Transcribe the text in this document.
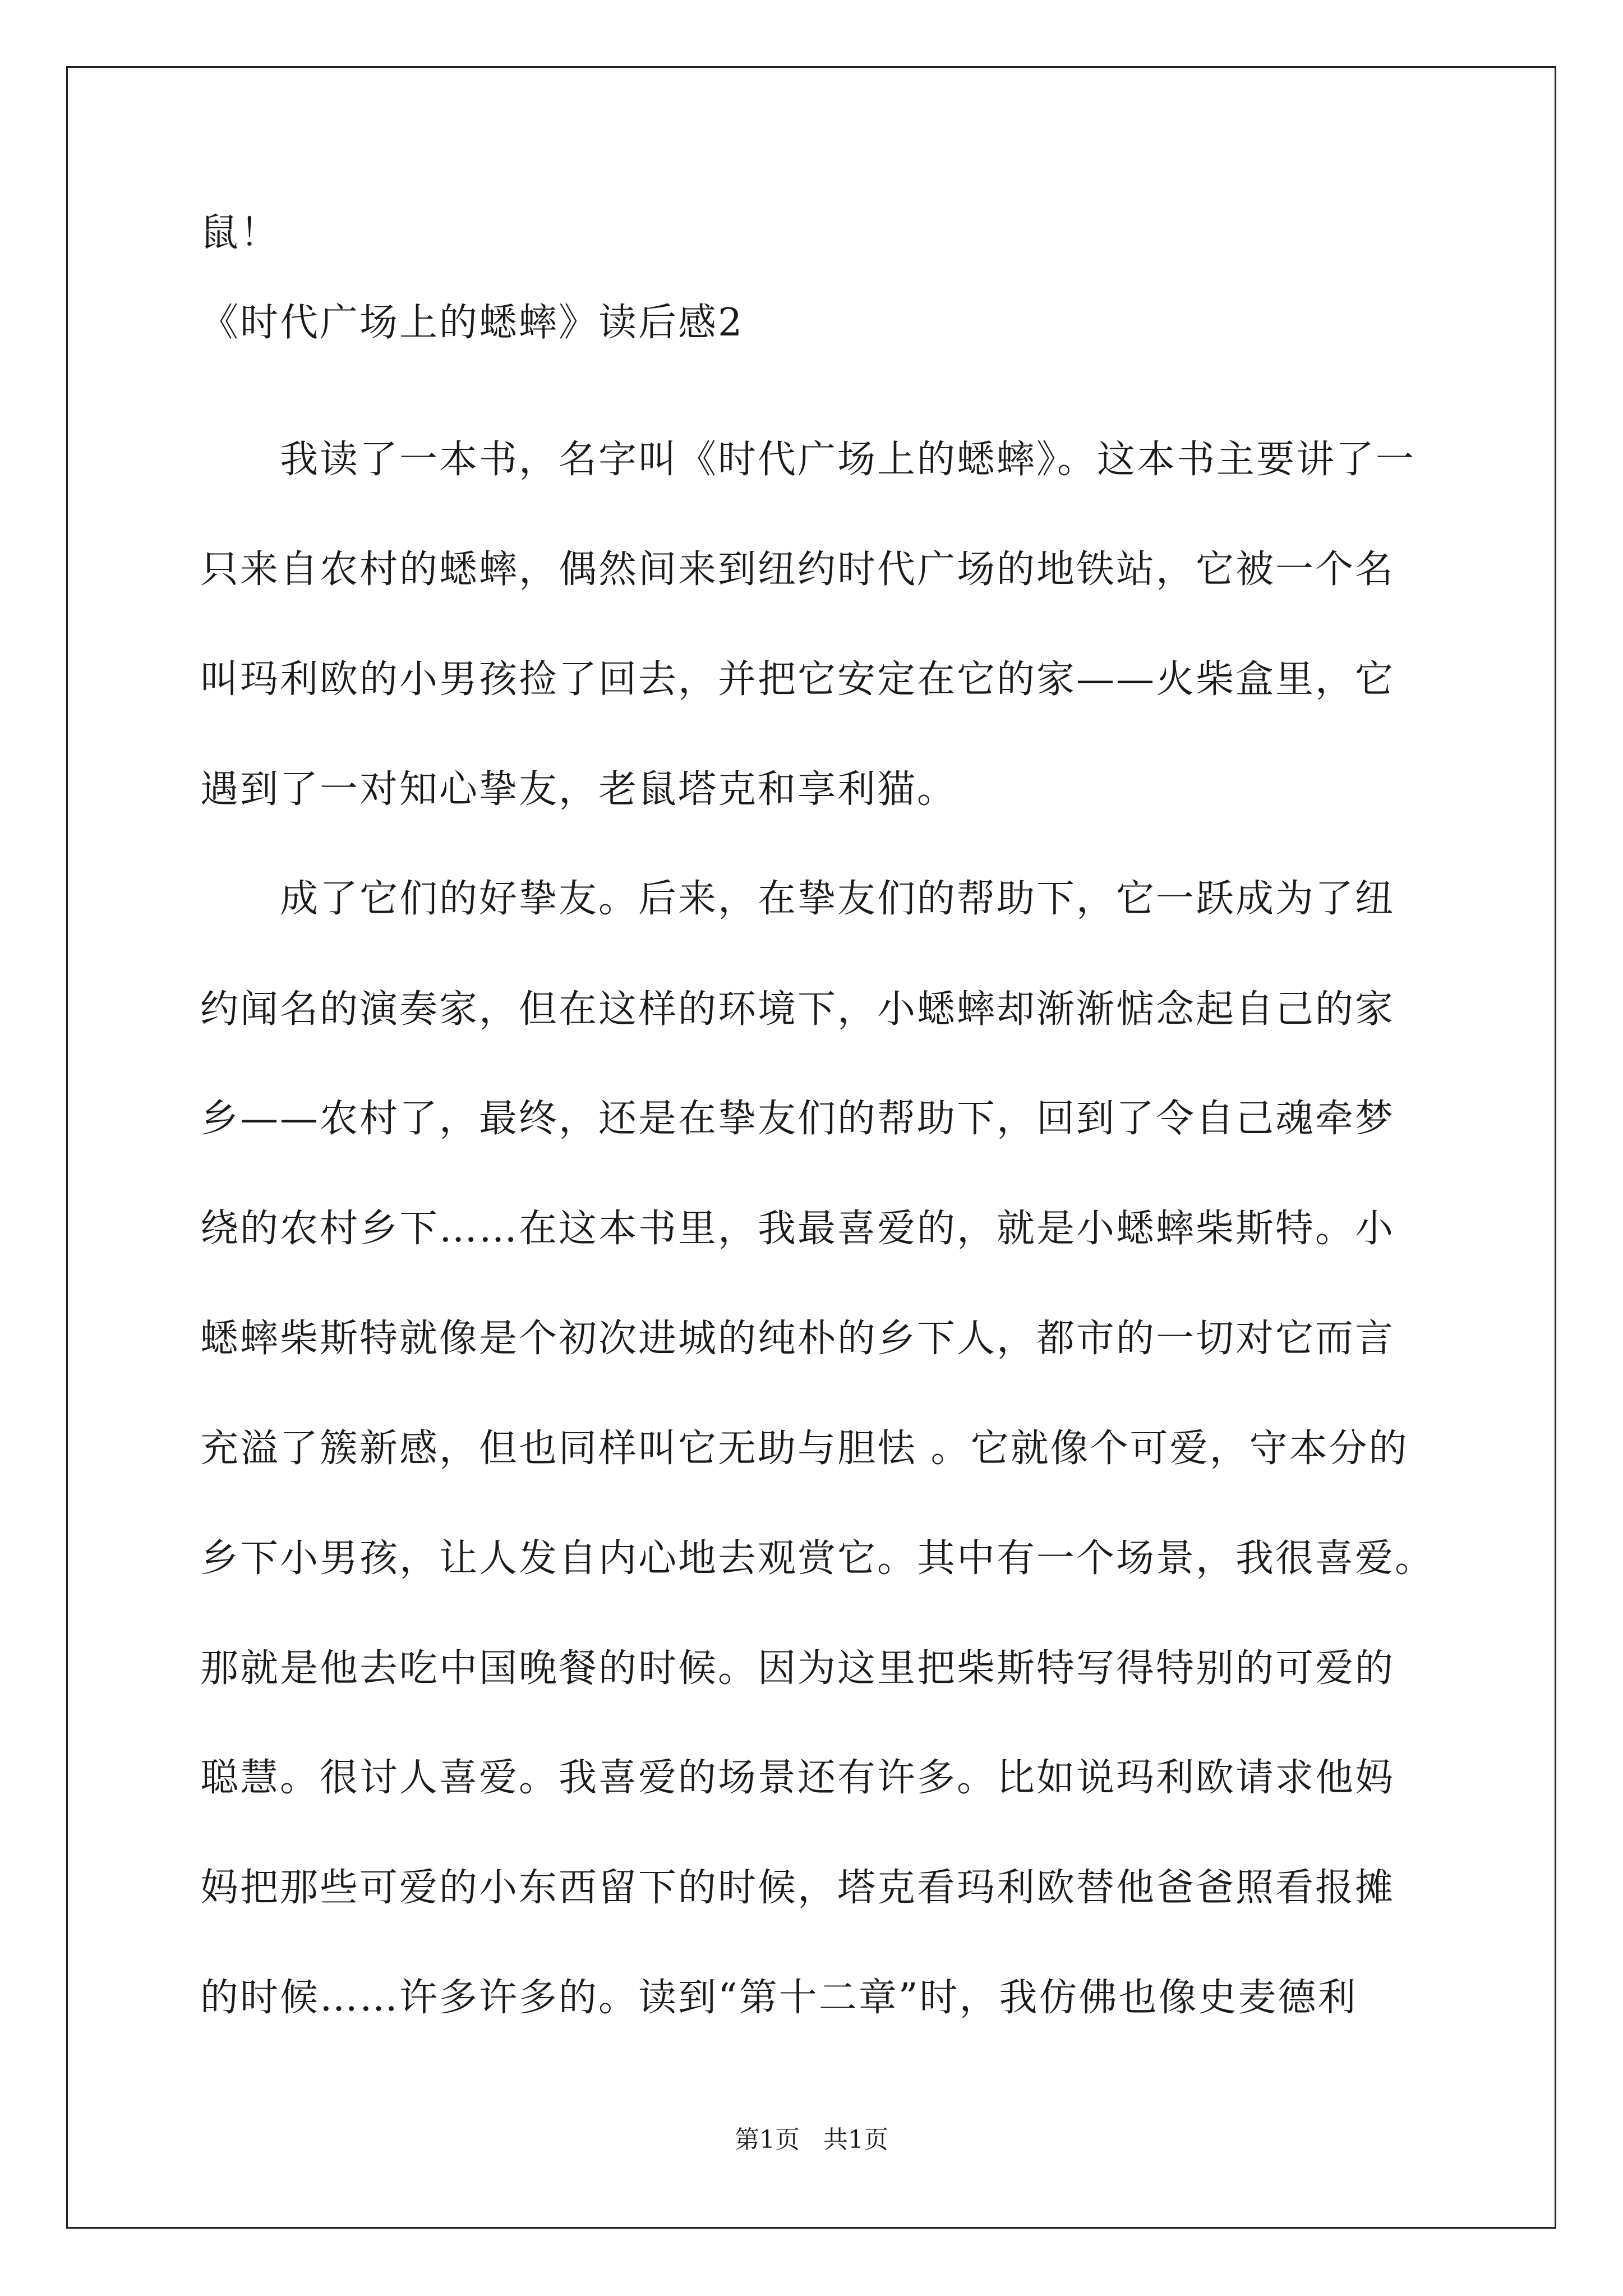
鼠！
《时代广场上的蟋蟀》读后感2
　　我读了一本书，名字叫《时代广场上的蟋蟀》。这本书主要讲了一
只来自农村的蟋蟀，偶然间来到纽约时代广场的地铁站，它被一个名
叫玛利欧的小男孩捡了回去，并把它安定在它的家——火柴盒里，它
遇到了一对知心挚友，老鼠塔克和享利猫。
　　成了它们的好挚友。后来，在挚友们的帮助下，它一跃成为了纽
约闻名的演奏家，但在这样的环境下，小蟋蟀却渐渐惦念起自己的家
乡——农村了，最终，还是在挚友们的帮助下，回到了令自己魂牵梦
绕的农村乡下……在这本书里，我最喜爱的，就是小蟋蟀柴斯特。小
蟋蟀柴斯特就像是个初次进城的纯朴的乡下人，都市的一切对它而言
充溢了簇新感，但也同样叫它无助与胆怯 。它就像个可爱，守本分的
乡下小男孩，让人发自内心地去观赏它。其中有一个场景，我很喜爱。
那就是他去吃中国晚餐的时候。因为这里把柴斯特写得特别的可爱的
聪慧。很讨人喜爱。我喜爱的场景还有许多。比如说玛利欧请求他妈
妈把那些可爱的小东西留下的时候，塔克看玛利欧替他爸爸照看报摊
的时候……许多许多的。读到“第十二章”时，我仿佛也像史麦德利
第1页   共1页
